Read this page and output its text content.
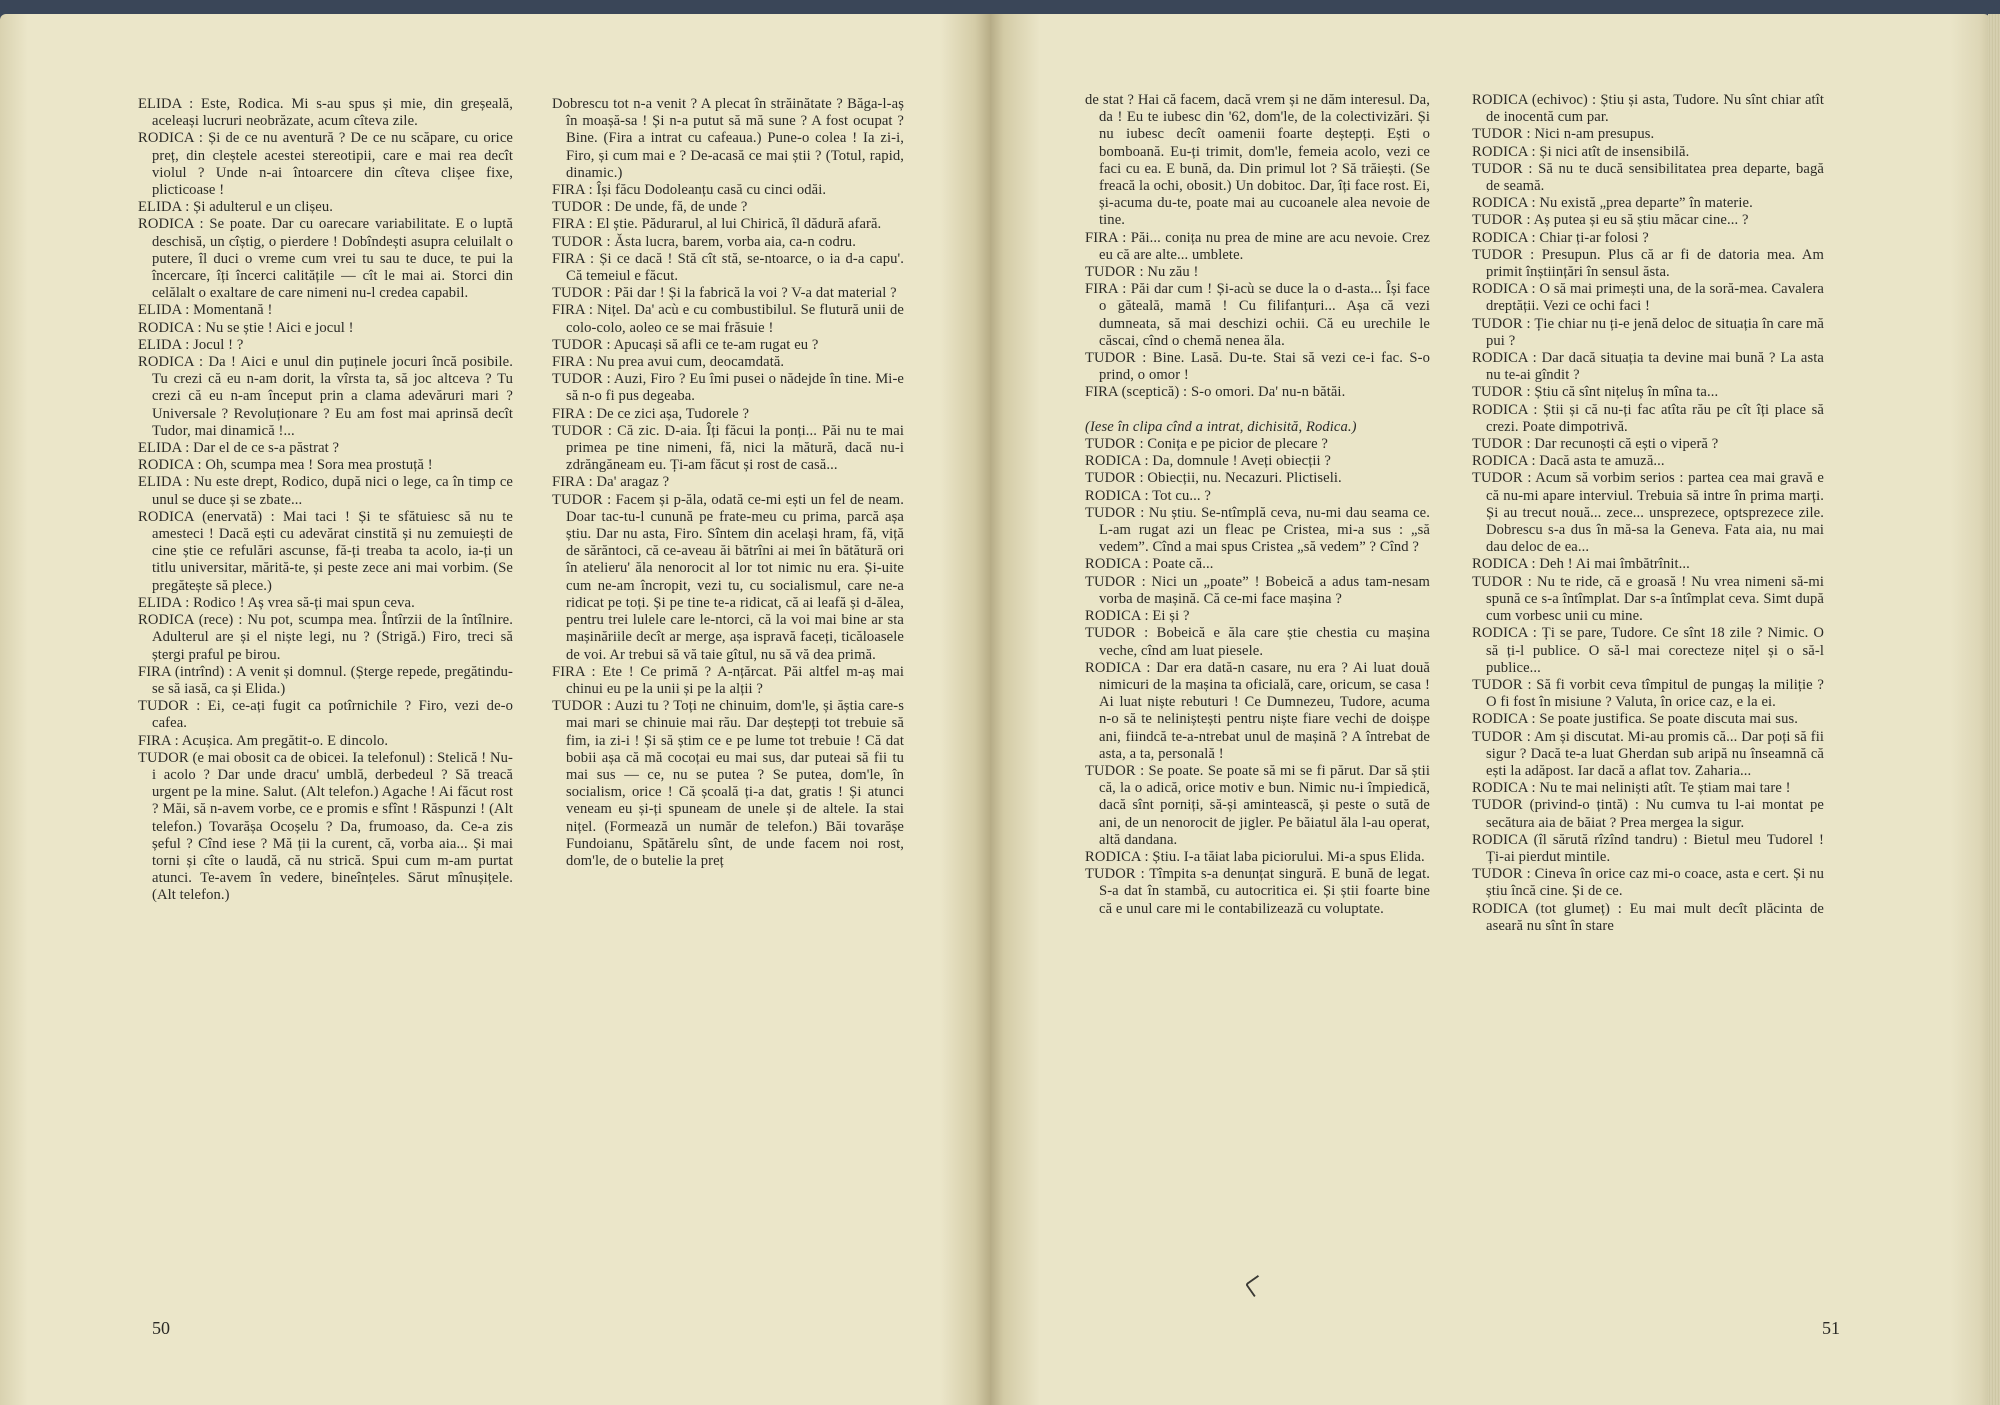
ELIDA : Este, Rodica. Mi s-au spus și mie, din greșeală, aceleași lucruri neobrăzate, acum cîteva zile.

RODICA : Și de ce nu aventură ? De ce nu scăpare, cu orice preț, din cleștele acestei stereotipii, care e mai rea decît violul ? Unde n-ai întoarcere din cîteva clișee fixe, plicticoase !

ELIDA : Și adulterul e un clișeu.

RODICA : Se poate. Dar cu oarecare variabilitate. E o luptă deschisă, un cîștig, o pierdere ! Dobîndești asupra celuilalt o putere, îl duci o vreme cum vrei tu sau te duce, te pui la încercare, îți încerci calitățile — cît le mai ai. Storci din celălalt o exaltare de care nimeni nu-l credea capabil.

ELIDA : Momentană !

RODICA : Nu se știe ! Aici e jocul !

ELIDA : Jocul ! ?

RODICA : Da ! Aici e unul din puținele jocuri încă posibile. Tu crezi că eu n-am dorit, la vîrsta ta, să joc altceva ? Tu crezi că eu n-am început prin a clama adevăruri mari ? Universale ? Revoluționare ? Eu am fost mai aprinsă decît Tudor, mai dinamică !...

ELIDA : Dar el de ce s-a păstrat ?

RODICA : Oh, scumpa mea ! Sora mea prostuță !

ELIDA : Nu este drept, Rodico, după nici o lege, ca în timp ce unul se duce și se zbate...

RODICA (enervată) : Mai taci ! Și te sfătuiesc să nu te amesteci ! Dacă ești cu adevărat cinstită și nu zemuiești de cine știe ce refulări ascunse, fă-ți treaba ta acolo, ia-ți un titlu universitar, mărită-te, și peste zece ani mai vorbim. (Se pregătește să plece.)

ELIDA : Rodico ! Aș vrea să-ți mai spun ceva.

RODICA (rece) : Nu pot, scumpa mea. Întîrzii de la întîlnire. Adulterul are și el niște legi, nu ? (Strigă.) Firo, treci să ștergi praful pe birou.

FIRA (intrînd) : A venit și domnul. (Șterge repede, pregătindu-se să iasă, ca și Elida.)

TUDOR : Ei, ce-ați fugit ca potîrnichile ? Firo, vezi de-o cafea.

FIRA : Acușica. Am pregătit-o. E dincolo.

TUDOR (e mai obosit ca de obicei. Ia telefonul) : Stelică ! Nu-i acolo ? Dar unde dracu' umblă, derbedeul ? Să treacă urgent pe la mine. Salut. (Alt telefon.) Agache ! Ai făcut rost ? Măi, să n-avem vorbe, ce e promis e sfînt ! Răspunzi ! (Alt telefon.) Tovarășa Ocoșelu ? Da, frumoaso, da. Ce-a zis șeful ? Cînd iese ? Mă ții la curent, că, vorba aia... Și mai torni și cîte o laudă, că nu strică. Spui cum m-am purtat atunci. Te-avem în vedere, bineînțeles. Sărut mînușițele. (Alt telefon.)

Dobrescu tot n-a venit ? A plecat în străinătate ? Băga-l-aș în moașă-sa ! Și n-a putut să mă sune ? A fost ocupat ? Bine. (Fira a intrat cu cafeaua.) Pune-o colea ! Ia zi-i, Firo, și cum mai e ? De-acasă ce mai știi ? (Totul, rapid, dinamic.)

FIRA : Își făcu Dodoleanțu casă cu cinci odăi.

TUDOR : De unde, fă, de unde ?

FIRA : El știe. Pădurarul, al lui Chirică, îl dădură afară.

TUDOR : Ăsta lucra, barem, vorba aia, ca-n codru.

FIRA : Și ce dacă ! Stă cît stă, se-ntoarce, o ia d-a capu'. Că temeiul e făcut.

TUDOR : Păi dar ! Și la fabrică la voi ? V-a dat material ?

FIRA : Nițel. Da' acù e cu combustibilul. Se flutură unii de colo-colo, aoleo ce se mai frăsuie !

TUDOR : Apucași să afli ce te-am rugat eu ?

FIRA : Nu prea avui cum, deocamdată.

TUDOR : Auzi, Firo ? Eu îmi pusei o nădejde în tine. Mi-e să n-o fi pus degeaba.

FIRA : De ce zici așa, Tudorele ?

TUDOR : Că zic. D-aia. Îți făcui la ponți... Păi nu te mai primea pe tine nimeni, fă, nici la mătură, dacă nu-i zdrăngăneam eu. Ți-am făcut și rost de casă...

FIRA : Da' aragaz ?

TUDOR : Facem și p-ăla, odată ce-mi ești un fel de neam. Doar tac-tu-l cunună pe frate-meu cu prima, parcă așa știu. Dar nu asta, Firo. Sîntem din același hram, fă, viță de sărăntoci, că ce-aveau ăi bătrîni ai mei în bătătură ori în atelieru' ăla nenorocit al lor tot nimic nu era. Și-uite cum ne-am încropit, vezi tu, cu socialismul, care ne-a ridicat pe toți. Și pe tine te-a ridicat, că ai leafă și d-ălea, pentru trei lulele care le-ntorci, că la voi mai bine ar sta mașinăriile decît ar merge, așa ispravă faceți, ticăloasele de voi. Ar trebui să vă taie gîtul, nu să vă dea primă.

FIRA : Ete ! Ce primă ? A-nțărcat. Păi altfel m-aș mai chinui eu pe la unii și pe la alții ?

TUDOR : Auzi tu ? Toți ne chinuim, dom'le, și ăștia care-s mai mari se chinuie mai rău. Dar deștepți tot trebuie să fim, ia zi-i ! Și să știm ce e pe lume tot trebuie ! Că dat bobii așa că mă cocoțai eu mai sus, dar puteai să fii tu mai sus — ce, nu se putea ? Se putea, dom'le, în socialism, orice ! Că școală ți-a dat, gratis ! Și atunci veneam eu și-ți spuneam de unele și de altele. Ia stai nițel. (Formează un număr de telefon.) Băi tovarășe Fundoianu, Spătărelu sînt, de unde facem noi rost, dom'le, de o butelie la preț

50

de stat ? Hai că facem, dacă vrem și ne dăm interesul. Da, da ! Eu te iubesc din '62, dom'le, de la colectivizări. Și nu iubesc decît oamenii foarte deștepți. Ești o bomboană. Eu-ți trimit, dom'le, femeia acolo, vezi ce faci cu ea. E bună, da. Din primul lot ? Să trăiești. (Se freacă la ochi, obosit.) Un dobitoc. Dar, îți face rost. Ei, și-acuma du-te, poate mai au cucoanele alea nevoie de tine.

FIRA : Păi... conița nu prea de mine are acu nevoie. Crez eu că are alte... umblete.

TUDOR : Nu zău !

FIRA : Păi dar cum ! Și-acù se duce la o d-asta... Își face o găteală, mamă ! Cu filifanțuri... Așa că vezi dumneata, să mai deschizi ochii. Că eu urechile le căscai, cînd o chemă nenea ăla.

TUDOR : Bine. Lasă. Du-te. Stai să vezi ce-i fac. S-o prind, o omor !

FIRA (sceptică) : S-o omori. Da' nu-n bătăi.

(Iese în clipa cînd a intrat, dichisită, Rodica.)

TUDOR : Conița e pe picior de plecare ?

RODICA : Da, domnule ! Aveți obiecții ?

TUDOR : Obiecții, nu. Necazuri. Plictiseli.

RODICA : Tot cu... ?

TUDOR : Nu știu. Se-ntîmplă ceva, nu-mi dau seama ce. L-am rugat azi un fleac pe Cristea, mi-a sus : „să vedem”. Cînd a mai spus Cristea „să vedem” ? Cînd ?

RODICA : Poate că...

TUDOR : Nici un „poate” ! Bobeică a adus tam-nesam vorba de mașină. Că ce-mi face mașina ?

RODICA : Ei și ?

TUDOR : Bobeică e ăla care știe chestia cu mașina veche, cînd am luat piesele.

RODICA : Dar era dată-n casare, nu era ? Ai luat două nimicuri de la mașina ta oficială, care, oricum, se casa ! Ai luat niște rebuturi ! Ce Dumnezeu, Tudore, acuma n-o să te neliniștești pentru niște fiare vechi de doișpe ani, fiindcă te-a-ntrebat unul de mașină ? A întrebat de asta, a ta, personală !

TUDOR : Se poate. Se poate să mi se fi părut. Dar să știi că, la o adică, orice motiv e bun. Nimic nu-i împiedică, dacă sînt porniți, să-și amintească, și peste o sută de ani, de un nenorocit de jigler. Pe băiatul ăla l-au operat, altă dandana.

RODICA : Știu. I-a tăiat laba piciorului. Mi-a spus Elida.

TUDOR : Tîmpita s-a denunțat singură. E bună de legat. S-a dat în stambă, cu autocritica ei. Și știi foarte bine că e unul care mi le contabilizează cu voluptate.

RODICA (echivoc) : Știu și asta, Tudore. Nu sînt chiar atît de inocentă cum par.

TUDOR : Nici n-am presupus.

RODICA : Și nici atît de insensibilă.

TUDOR : Să nu te ducă sensibilitatea prea departe, bagă de seamă.

RODICA : Nu există „prea departe” în materie.

TUDOR : Aș putea și eu să știu măcar cine... ?

RODICA : Chiar ți-ar folosi ?

TUDOR : Presupun. Plus că ar fi de datoria mea. Am primit înștiințări în sensul ăsta.

RODICA : O să mai primești una, de la soră-mea. Cavalera dreptății. Vezi ce ochi faci !

TUDOR : Ție chiar nu ți-e jenă deloc de situația în care mă pui ?

RODICA : Dar dacă situația ta devine mai bună ? La asta nu te-ai gîndit ?

TUDOR : Știu că sînt nițeluș în mîna ta...

RODICA : Știi și că nu-ți fac atîta rău pe cît îți place să crezi. Poate dimpotrivă.

TUDOR : Dar recunoști că ești o viperă ?

RODICA : Dacă asta te amuză...

TUDOR : Acum să vorbim serios : partea cea mai gravă e că nu-mi apare interviul. Trebuia să intre în prima marți. Și au trecut nouă... zece... unsprezece, optsprezece zile. Dobrescu s-a dus în mă-sa la Geneva. Fata aia, nu mai dau deloc de ea...

RODICA : Deh ! Ai mai îmbătrînit...

TUDOR : Nu te ride, că e groasă ! Nu vrea nimeni să-mi spună ce s-a întîmplat. Dar s-a întîmplat ceva. Simt după cum vorbesc unii cu mine.

RODICA : Ți se pare, Tudore. Ce sînt 18 zile ? Nimic. O să ți-l publice. O să-l mai corecteze nițel și o să-l publice...

TUDOR : Să fi vorbit ceva tîmpitul de pungaș la miliție ? O fi fost în misiune ? Valuta, în orice caz, e la ei.

RODICA : Se poate justifica. Se poate discuta mai sus.

TUDOR : Am și discutat. Mi-au promis că... Dar poți să fii sigur ? Dacă te-a luat Gherdan sub aripă nu înseamnă că ești la adăpost. Iar dacă a aflat tov. Zaharia...

RODICA : Nu te mai neliniști atît. Te știam mai tare !

TUDOR (privind-o țintă) : Nu cumva tu l-ai montat pe secătura aia de băiat ? Prea mergea la sigur.

RODICA (îl sărută rîzînd tandru) : Bietul meu Tudorel ! Ți-ai pierdut mintile.

TUDOR : Cineva în orice caz mi-o coace, asta e cert. Și nu știu încă cine. Și de ce.

RODICA (tot glumeț) : Eu mai mult decît plăcinta de aseară nu sînt în stare

51
